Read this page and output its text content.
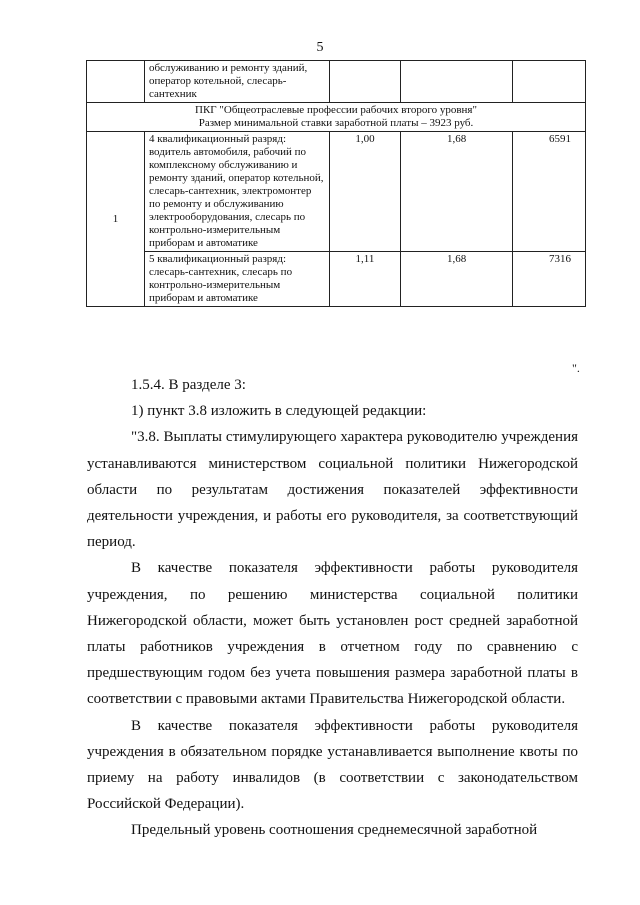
5
	обслуживанию и ремонту зданий, оператор котельной, слесарь-сантехник			

ПКГ "Общеотраслевые профессии рабочих второго уровня"
Размер минимальной ставки заработной платы – 3923 руб.				

1	4 квалификационный разряд: водитель автомобиля, рабочий по комплексному обслуживанию и ремонту зданий, оператор котельной, слесарь-сантехник, электромонтер по ремонту и обслуживанию электрооборудования, слесарь по контрольно-измерительным приборам и автоматике	1,00	1,68	6591
	5 квалификационный разряд: слесарь-сантехник, слесарь по контрольно-измерительным приборам и автоматике	1,11	1,68	7316
".

1.5.4. В разделе 3:

1) пункт 3.8 изложить в следующей редакции:

"3.8. Выплаты стимулирующего характера руководителю учреждения устанавливаются министерством социальной политики Нижегородской области по результатам достижения показателей эффективности деятельности учреждения, и работы его руководителя, за соответствующий период.

В качестве показателя эффективности работы руководителя учреждения, по решению министерства социальной политики Нижегородской области, может быть установлен рост средней заработной платы работников учреждения в отчетном году по сравнению с предшествующим годом без учета повышения размера заработной платы в соответствии с правовыми актами Правительства Нижегородской области.

В качестве показателя эффективности работы руководителя учреждения в обязательном порядке устанавливается выполнение квоты по приему на работу инвалидов (в соответствии с законодательством Российской Федерации).

Предельный уровень соотношения среднемесячной заработной
